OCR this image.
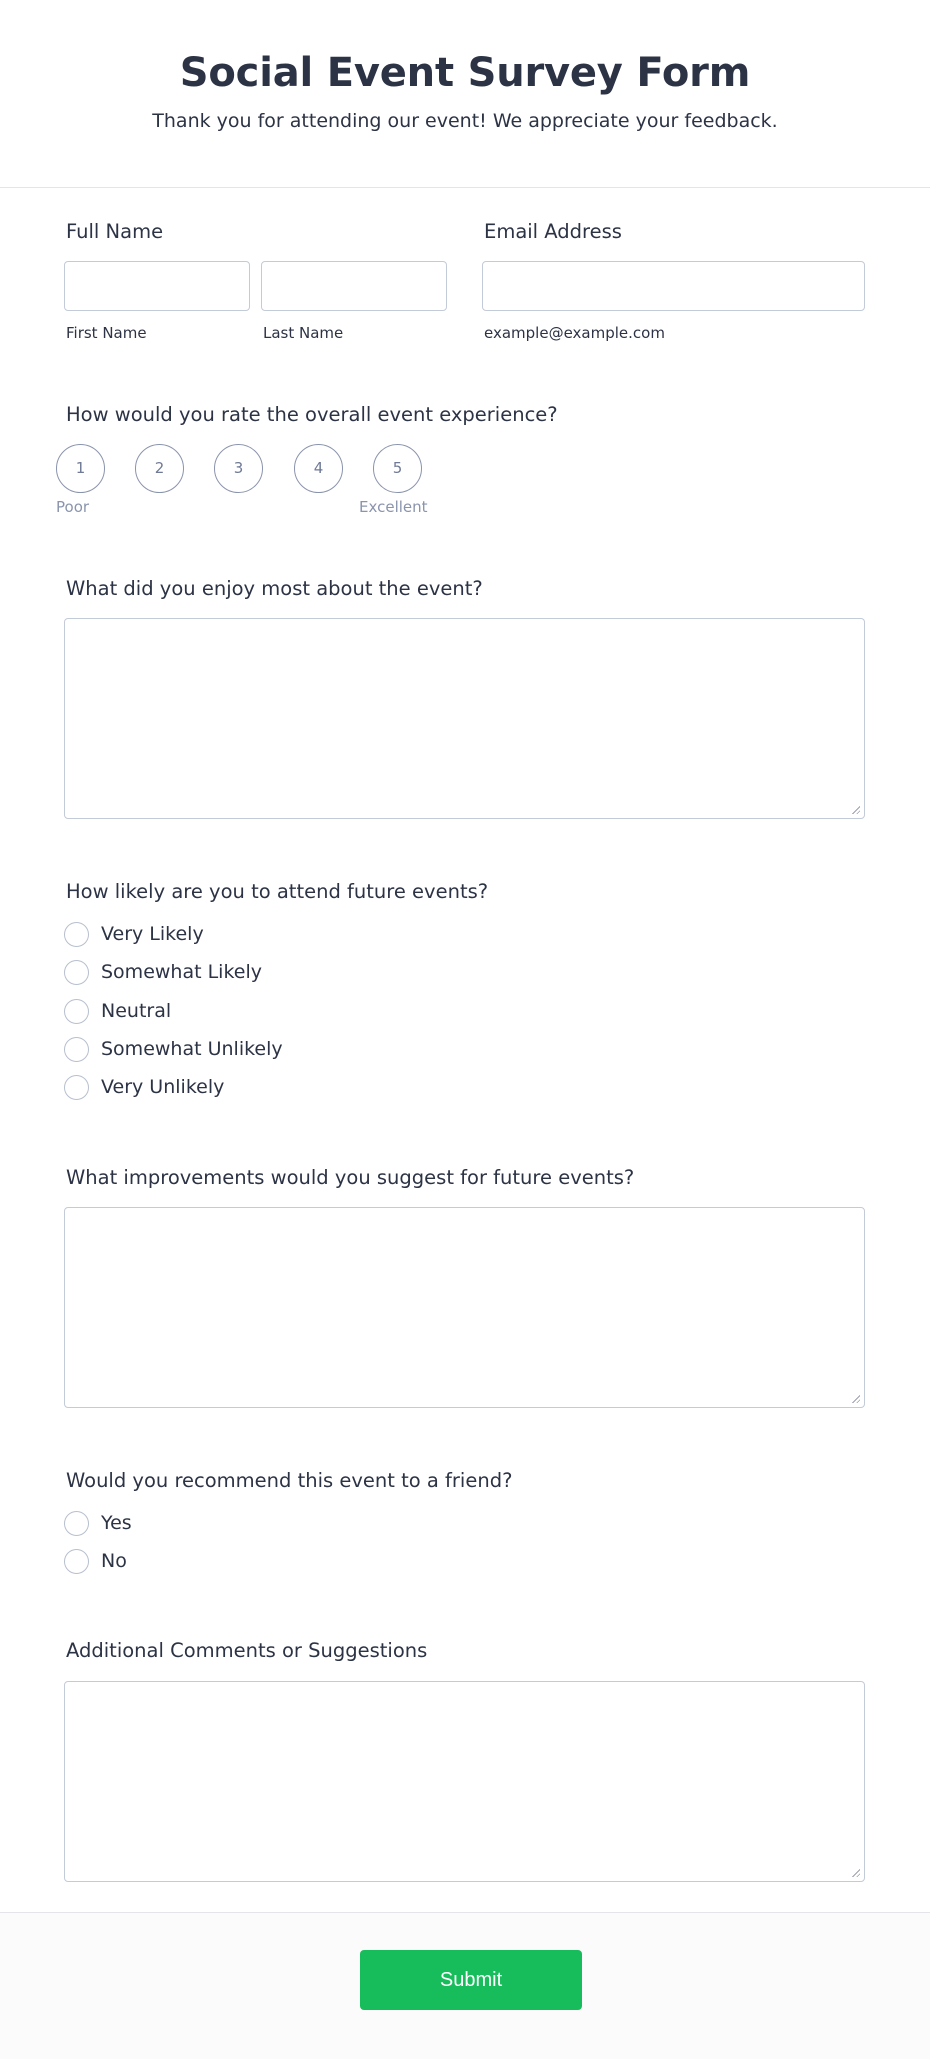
Social Event Survey Form

Thank you for attending our event! We appreciate your feedback.

Full Name
First Name	Last Name
Email Address
example@example.com
How would you rate the overall event experience?
1	2	3	4	5
Poor	Excellent
What did you enjoy most about the event?
How likely are you to attend future events?
Very Likely
Somewhat Likely
Neutral
Somewhat Unlikely
Very Unlikely
What improvements would you suggest for future events?
Would you recommend this event to a friend?
Yes
No
Additional Comments or Suggestions
Submit
